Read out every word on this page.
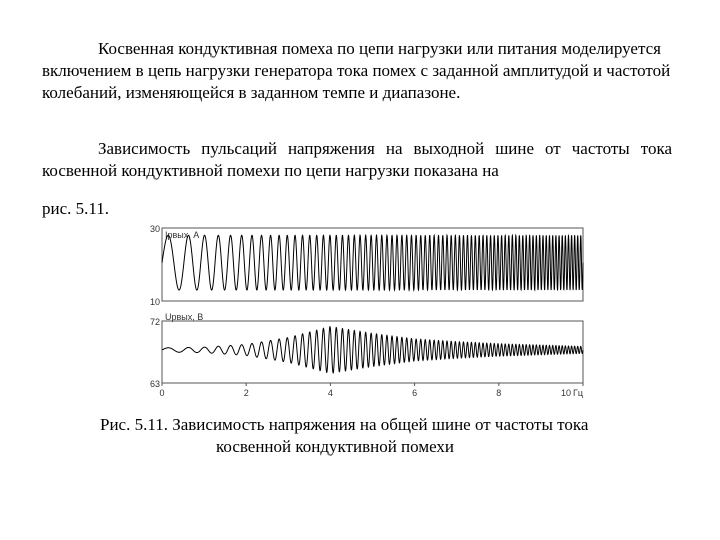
Косвенная кондуктивная помеха по цепи нагрузки или питания моделируется включением в цепь нагрузки генератора тока помех с заданной амплитудой и частотой колебаний, изменяющейся в заданном темпе и диапазоне.

Зависимость пульсаций напряжения на выходной шине от частоты тока косвенной кондуктивной помехи по цепи нагрузки показана на

рис. 5.11.

Iрвых, А
30
10
Uрвых, В
72
63
0	2	4	6	8	10 Гц
Рис. 5.11. Зависимость напряжения на общей шине от частоты тока
косвенной кондуктивной помехи
